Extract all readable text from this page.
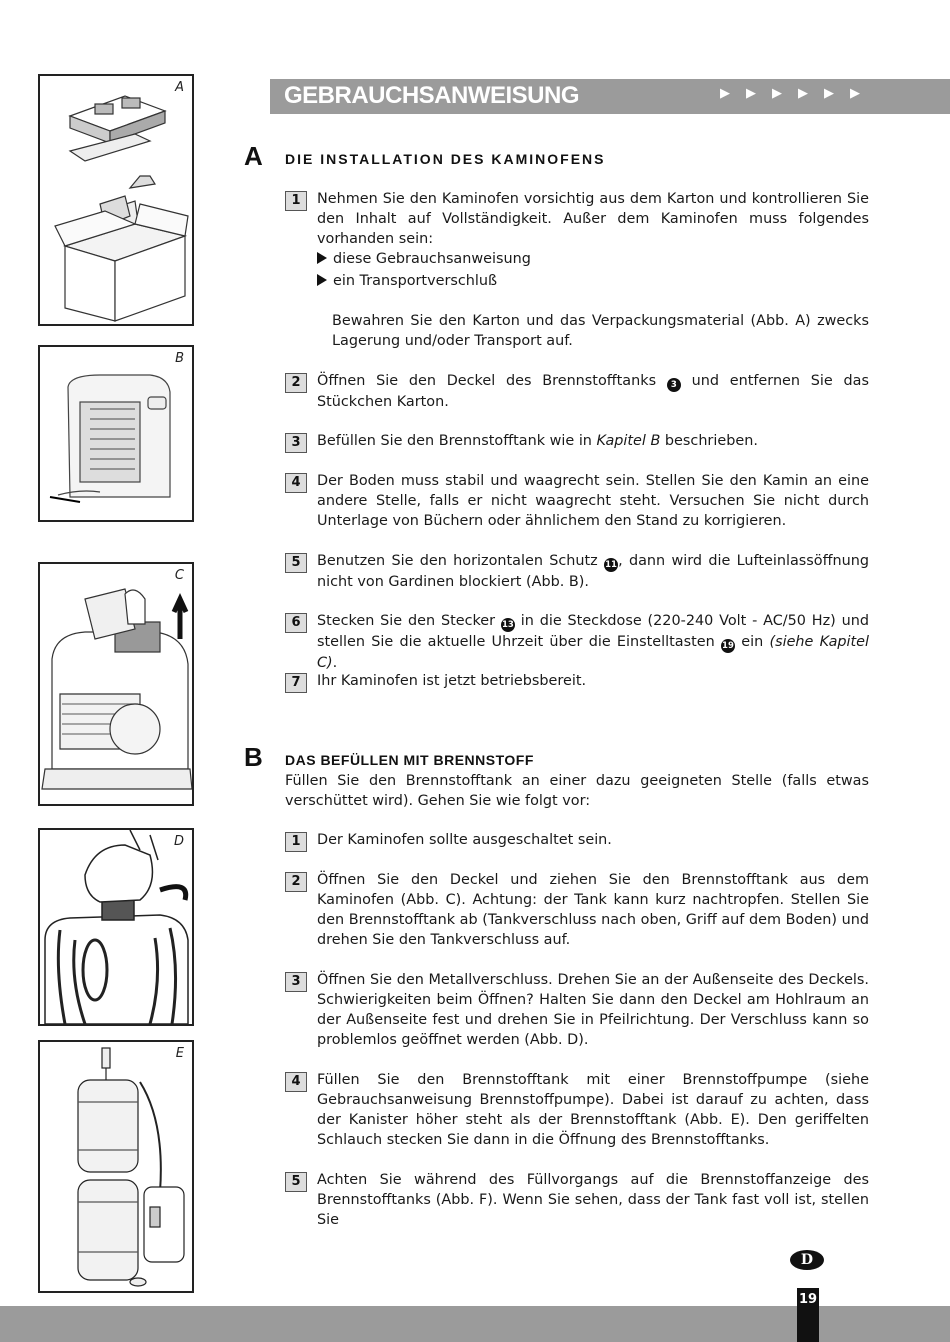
A
B
C
D
E
GEBRAUCHSANWEISUNG	▶▶▶▶▶▶
A DIE INSTALLATION DES KAMINOFENS
1	Nehmen Sie den Kaminofen vorsichtig aus dem Karton und kontrollieren Sie den Inhalt auf Vollständigkeit. Außer dem Kaminofen muss folgendes vorhanden sein:
diese Gebrauchsanweisung
ein Transportverschluß
Bewahren Sie den Karton und das Verpackungsmaterial (Abb. A) zwecks Lagerung und/oder Transport auf.
2	Öffnen Sie den Deckel des Brennstofftanks 3 und entfernen Sie das Stückchen Karton.
3	Befüllen Sie den Brennstofftank wie in Kapitel B beschrieben.
4	Der Boden muss stabil und waagrecht sein. Stellen Sie den Kamin an eine andere Stelle, falls er nicht waagrecht steht. Versuchen Sie nicht durch Unterlage von Büchern oder ähnlichem den Stand zu korrigieren.
5	Benutzen Sie den horizontalen Schutz 11, dann wird die Lufteinlassöffnung nicht von Gardinen blockiert (Abb. B).
6	Stecken Sie den Stecker 13 in die Steckdose (220-240 Volt - AC/50 Hz) und stellen Sie die aktuelle Uhrzeit über die Einstelltasten 19 ein (siehe Kapitel C).
7	Ihr Kaminofen ist jetzt betriebsbereit.
B DAS BEFÜLLEN MIT BRENNSTOFF
Füllen Sie den Brennstofftank an einer dazu geeigneten Stelle (falls etwas verschüttet wird). Gehen Sie wie folgt vor:
1	Der Kaminofen sollte ausgeschaltet sein.
2	Öffnen Sie den Deckel und ziehen Sie den Brennstofftank aus dem Kaminofen (Abb. C). Achtung: der Tank kann kurz nachtropfen. Stellen Sie den Brennstofftank ab (Tankverschluss nach oben, Griff auf dem Boden) und drehen Sie den Tankverschluss auf.
3	Öffnen Sie den Metallverschluss. Drehen Sie an der Außenseite des Deckels. Schwierigkeiten beim Öffnen? Halten Sie dann den Deckel am Hohlraum an der Außenseite fest und drehen Sie in Pfeilrichtung. Der Verschluss kann so problemlos geöffnet werden (Abb. D).
4	Füllen Sie den Brennstofftank mit einer Brennstoffpumpe (siehe Gebrauchsanweisung Brennstoffpumpe). Dabei ist darauf zu achten, dass der Kanister höher steht als der Brennstofftank (Abb. E). Den geriffelten Schlauch stecken Sie dann in die Öffnung des Brennstofftanks.
5	Achten Sie während des Füllvorgangs auf die Brennstoffanzeige des Brennstofftanks (Abb. F). Wenn Sie sehen, dass der Tank fast voll ist, stellen Sie
D
19
